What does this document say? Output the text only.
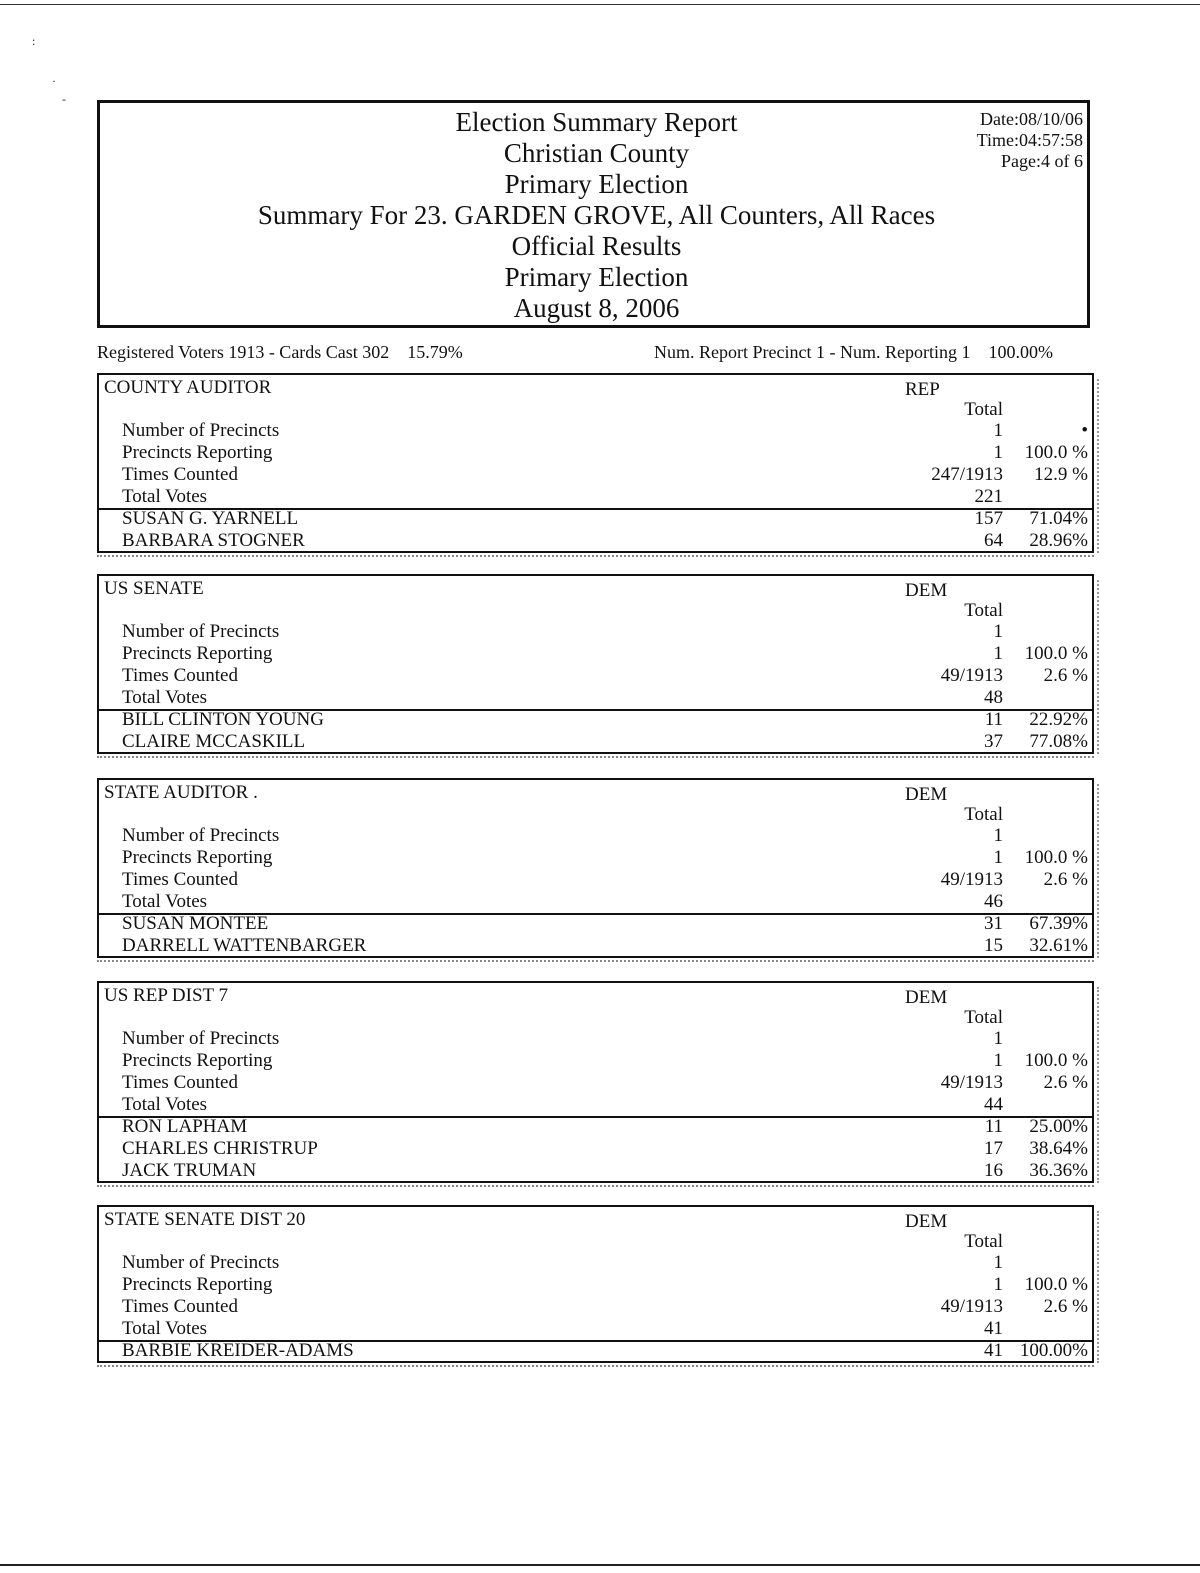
:
·
-
Election Summary Report
Christian County
Primary Election
Summary For 23. GARDEN GROVE, All Counters, All Races
Official Results
Primary Election
August 8, 2006
Date:08/10/06
Time:04:57:58
Page:4 of 6
Registered Voters 1913 - Cards Cast 302    15.79%	Num. Report Precinct 1 - Num. Reporting 1    100.00%
COUNTY AUDITOR	REP
Total
Number of Precincts	1	•
Precincts Reporting	1	100.0 %
Times Counted	247/1913	12.9 %
Total Votes	221
SUSAN G. YARNELL	157	71.04%
BARBARA STOGNER	64	28.96%
US SENATE	DEM
Total
Number of Precincts	1
Precincts Reporting	1	100.0 %
Times Counted	49/1913	2.6 %
Total Votes	48
BILL CLINTON YOUNG	11	22.92%
CLAIRE MCCASKILL	37	77.08%
STATE AUDITOR .	DEM
Total
Number of Precincts	1
Precincts Reporting	1	100.0 %
Times Counted	49/1913	2.6 %
Total Votes	46
SUSAN MONTEE	31	67.39%
DARRELL WATTENBARGER	15	32.61%
US REP DIST 7	DEM
Total
Number of Precincts	1
Precincts Reporting	1	100.0 %
Times Counted	49/1913	2.6 %
Total Votes	44
RON LAPHAM	11	25.00%
CHARLES CHRISTRUP	17	38.64%
JACK TRUMAN	16	36.36%
STATE SENATE DIST 20	DEM
Total
Number of Precincts	1
Precincts Reporting	1	100.0 %
Times Counted	49/1913	2.6 %
Total Votes	41
BARBIE KREIDER-ADAMS	41 100.00%
